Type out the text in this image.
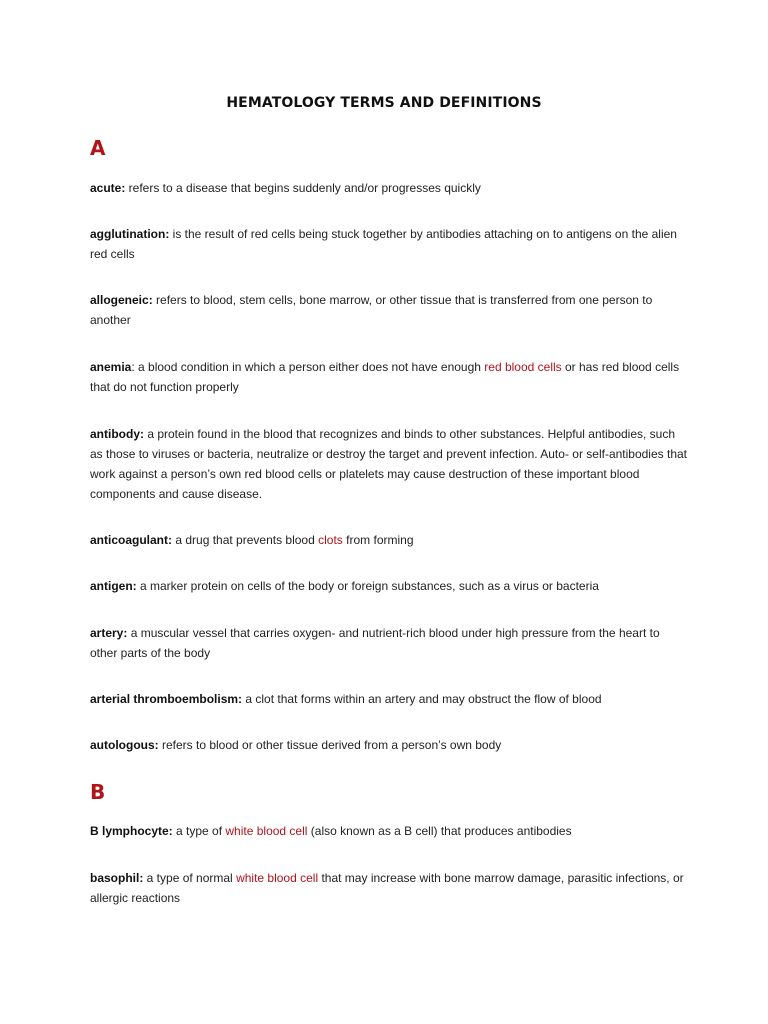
HEMATOLOGY TERMS AND DEFINITIONS
A
acute: refers to a disease that begins suddenly and/or progresses quickly
agglutination: is the result of red cells being stuck together by antibodies attaching on to antigens on the alien red cells
allogeneic: refers to blood, stem cells, bone marrow, or other tissue that is transferred from one person to another
anemia: a blood condition in which a person either does not have enough red blood cells or has red blood cells that do not function properly
antibody: a protein found in the blood that recognizes and binds to other substances. Helpful antibodies, such as those to viruses or bacteria, neutralize or destroy the target and prevent infection. Auto- or self-antibodies that work against a person’s own red blood cells or platelets may cause destruction of these important blood components and cause disease.
anticoagulant: a drug that prevents blood clots from forming
antigen: a marker protein on cells of the body or foreign substances, such as a virus or bacteria
artery: a muscular vessel that carries oxygen- and nutrient-rich blood under high pressure from the heart to other parts of the body
arterial thromboembolism: a clot that forms within an artery and may obstruct the flow of blood
autologous: refers to blood or other tissue derived from a person’s own body
B
B lymphocyte: a type of white blood cell (also known as a B cell) that produces antibodies
basophil: a type of normal white blood cell that may increase with bone marrow damage, parasitic infections, or allergic reactions
